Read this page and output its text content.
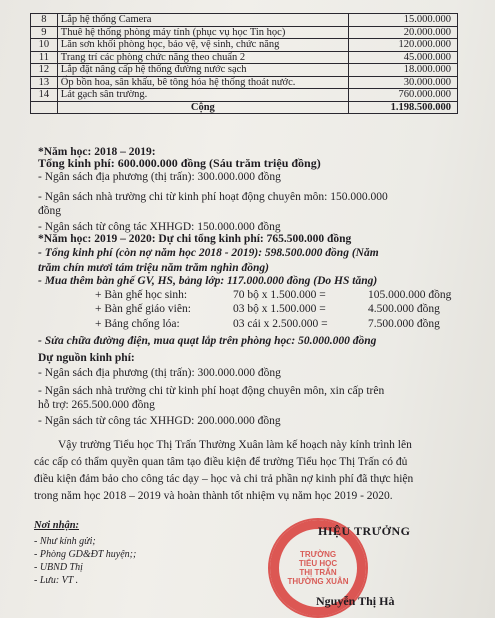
8	Lắp hệ thống Camera	15.000.000
9	Thuê hệ thống phòng máy tính (phục vụ học Tin học)	20.000.000
10	Lăn sơn khối phòng học, bảo vệ, vệ sinh, chức năng	120.000.000
11	Trang trí các phòng chức năng theo chuẩn 2	45.000.000
12	Lắp đặt nâng cấp hệ thống đường nước sạch	18.000.000
13	Ốp bồn hoa, sân khấu, bê tông hóa hệ thống thoát nước.	30.000.000
14	Lát gạch sân trường.	760.000.000
	Cộng	1.198.500.000
*Năm học: 2018 – 2019:
Tổng kinh phí: 600.000.000 đồng (Sáu trăm triệu đồng)
- Ngân sách địa phương (thị trấn): 300.000.000 đồng
- Ngân sách nhà trường chi từ kinh phí hoạt động chuyên môn: 150.000.000
đồng
- Ngân sách từ công tác XHHGD: 150.000.000 đồng
*Năm học: 2019 – 2020: Dự chi tổng kinh phí: 765.500.000 đồng
- Tổng kinh phí (còn nợ năm học 2018 - 2019): 598.500.000 đồng (Năm
trăm chín mươi tám triệu năm trăm nghìn đồng)
- Mua thêm bàn ghế GV, HS, bảng lớp: 117.000.000 đồng (Do HS tăng)
+ Bàn ghế học sinh:	70 bộ x 1.500.000 =	105.000.000 đồng
+ Bàn ghế giáo viên:	03 bộ x 1.500.000 =	4.500.000 đồng
+ Bảng chống lóa:	03 cái x 2.500.000 =	7.500.000 đồng
- Sửa chữa đường điện, mua quạt lắp trên phòng học: 50.000.000 đồng
Dự nguồn kinh phí:
- Ngân sách địa phương (thị trấn): 300.000.000 đồng
- Ngân sách nhà trường chi từ kinh phí hoạt động chuyên môn, xin cấp trên
hỗ trợ: 265.500.000 đồng
- Ngân sách từ công tác XHHGD: 200.000.000 đồng
Vậy trường Tiểu học Thị Trấn Thường Xuân làm kế hoạch này kính trình lên
các cấp có thẩm quyền quan tâm tạo điều kiện để trường Tiểu học Thị Trấn có đủ
điều kiện đảm bảo cho công tác dạy – học và chi trả phần nợ kinh phí đã thực hiện
trong năm học 2018 – 2019 và hoàn thành tốt nhiệm vụ năm học 2019 - 2020.
Nơi nhận:
- Như kính gửi;
- Phòng GD&ĐT huyện;;
- UBND Thị
- Lưu: VT .
TRƯỜNG
TIỂU HỌC
THỊ TRẤN
THƯỜNG XUÂN
HIỆU TRƯỞNG
Nguyễn Thị Hà
